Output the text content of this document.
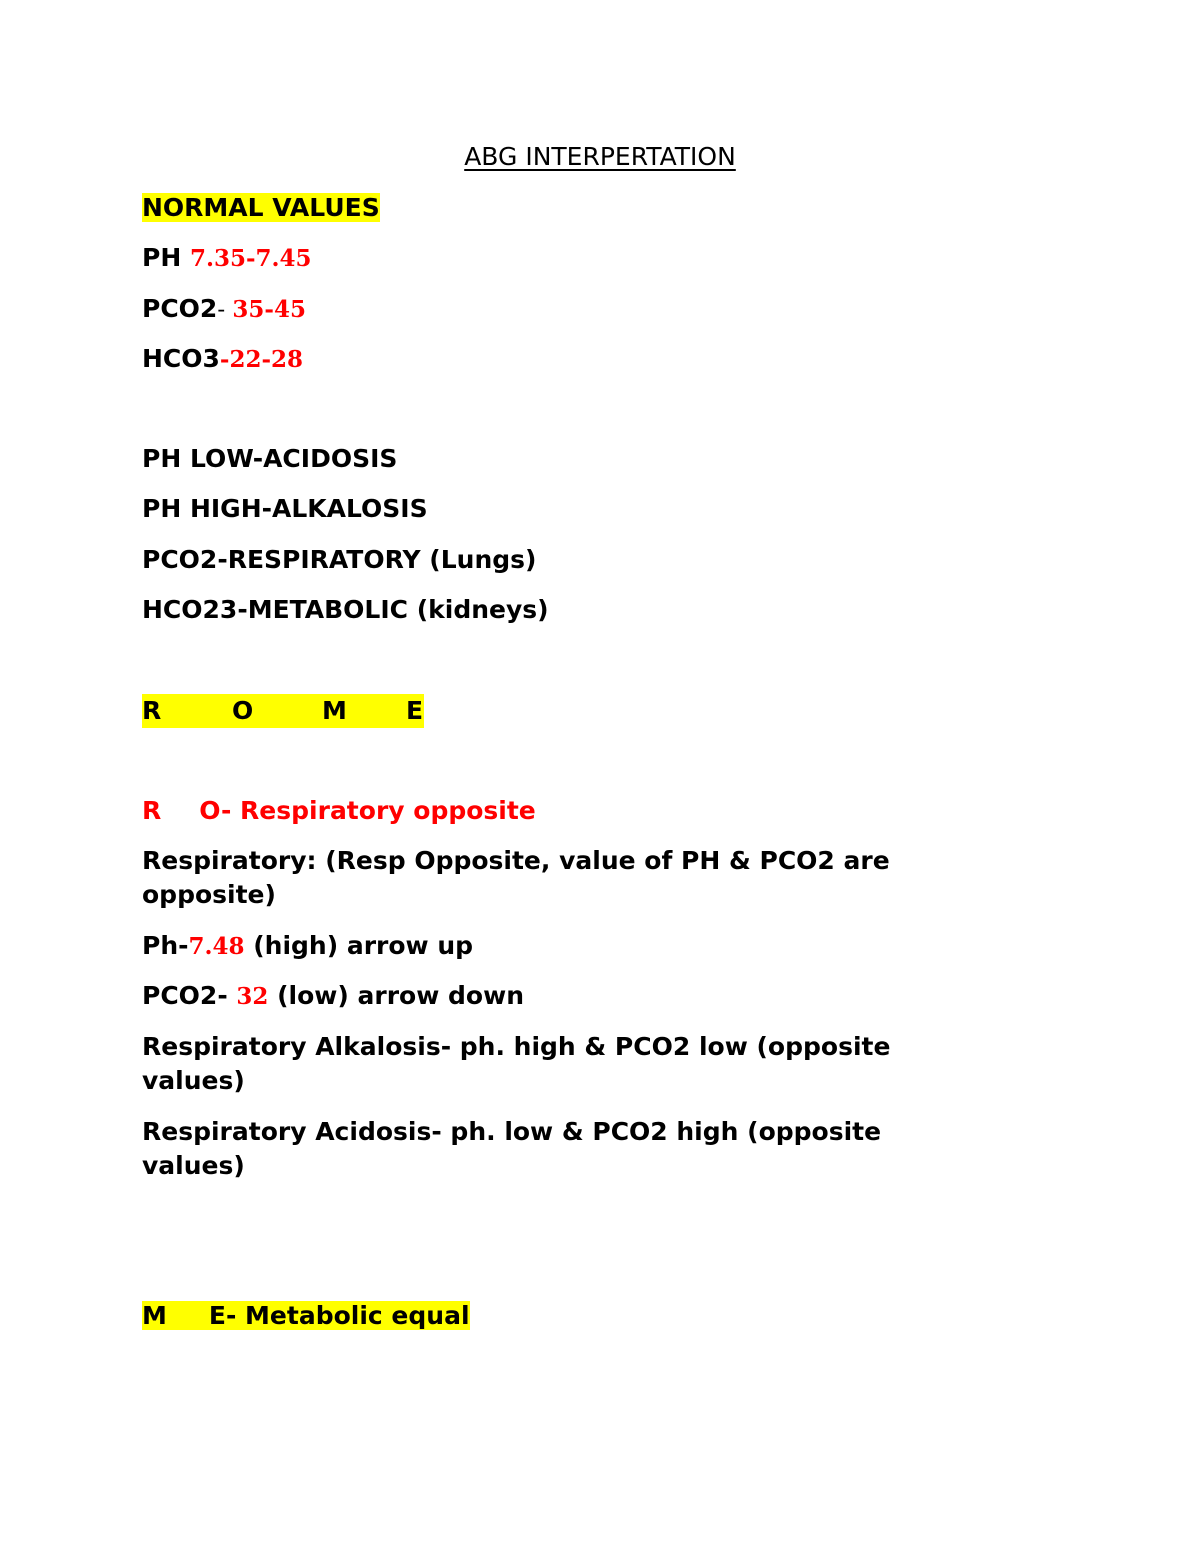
ABG INTERPERTATION
NORMAL VALUES
PH 7.35-7.45
PCO2- 35-45
HCO3-22-28
PH LOW-ACIDOSIS
PH HIGH-ALKALOSIS
PCO2-RESPIRATORY (Lungs)
HCO23-METABOLIC (kidneys)
R	O	M E
R O- Respiratory opposite
Respiratory: (Resp Opposite, value of PH & PCO2 are opposite)
Ph-7.48 (high) arrow up
PCO2- 32 (low) arrow down
Respiratory Alkalosis- ph. high & PCO2 low (opposite values)
Respiratory Acidosis- ph. low & PCO2 high (opposite values)
M E- Metabolic equal
